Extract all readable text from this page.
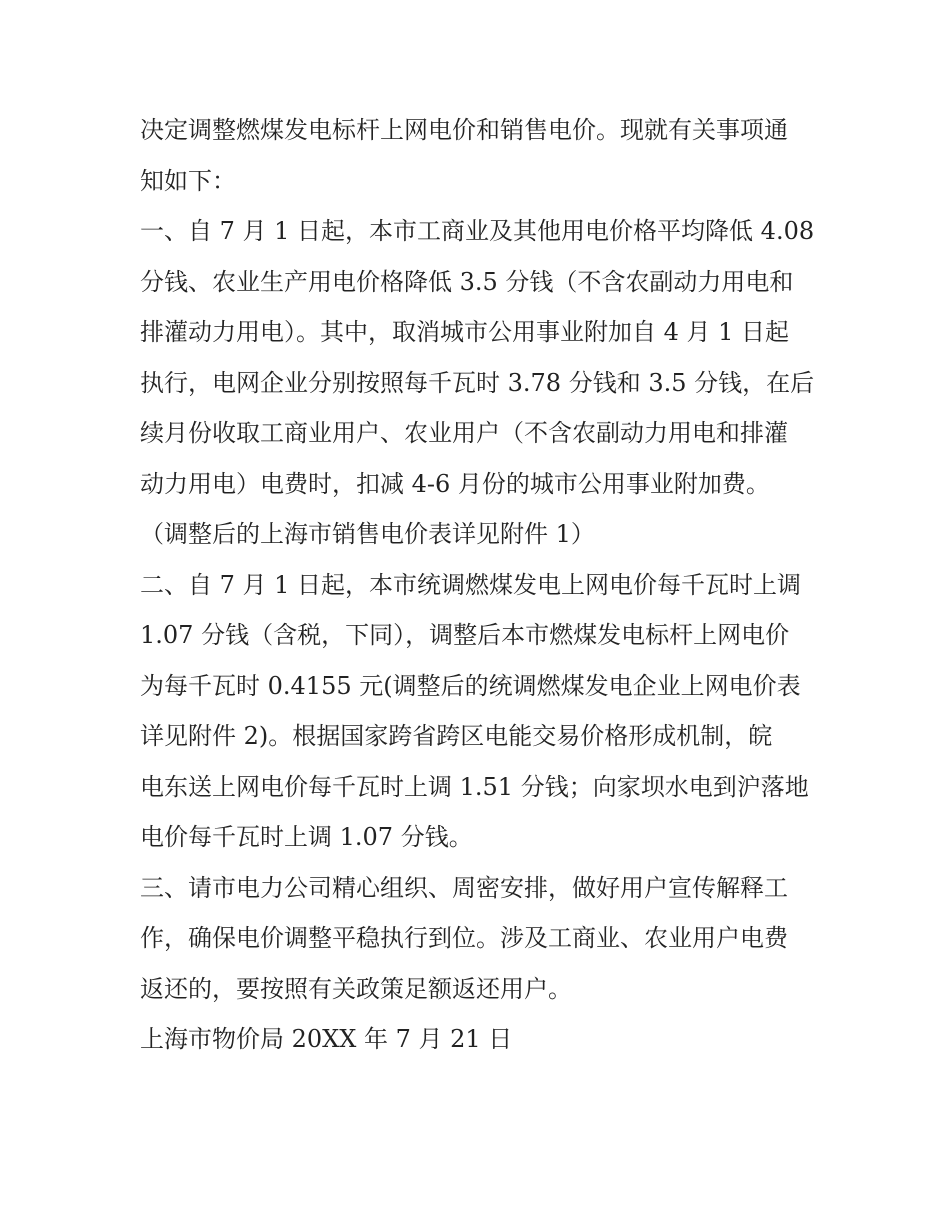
决定调整燃煤发电标杆上网电价和销售电价。现就有关事项通

知如下：

一、自 7 月 1 日起，本市工商业及其他用电价格平均降低 4.08

分钱、农业生产用电价格降低 3.5 分钱（不含农副动力用电和

排灌动力用电）。其中，取消城市公用事业附加自 4 月 1 日起

执行，电网企业分别按照每千瓦时 3.78 分钱和 3.5 分钱，在后

续月份收取工商业用户、农业用户（不含农副动力用电和排灌

动力用电）电费时，扣减 4-6 月份的城市公用事业附加费。

（调整后的上海市销售电价表详见附件 1）

二、自 7 月 1 日起，本市统调燃煤发电上网电价每千瓦时上调

1.07 分钱（含税，下同），调整后本市燃煤发电标杆上网电价

为每千瓦时 0.4155 元(调整后的统调燃煤发电企业上网电价表

详见附件 2)。根据国家跨省跨区电能交易价格形成机制，皖

电东送上网电价每千瓦时上调 1.51 分钱；向家坝水电到沪落地

电价每千瓦时上调 1.07 分钱。

三、请市电力公司精心组织、周密安排，做好用户宣传解释工

作，确保电价调整平稳执行到位。涉及工商业、农业用户电费

返还的，要按照有关政策足额返还用户。

上海市物价局 20XX 年 7 月 21 日
